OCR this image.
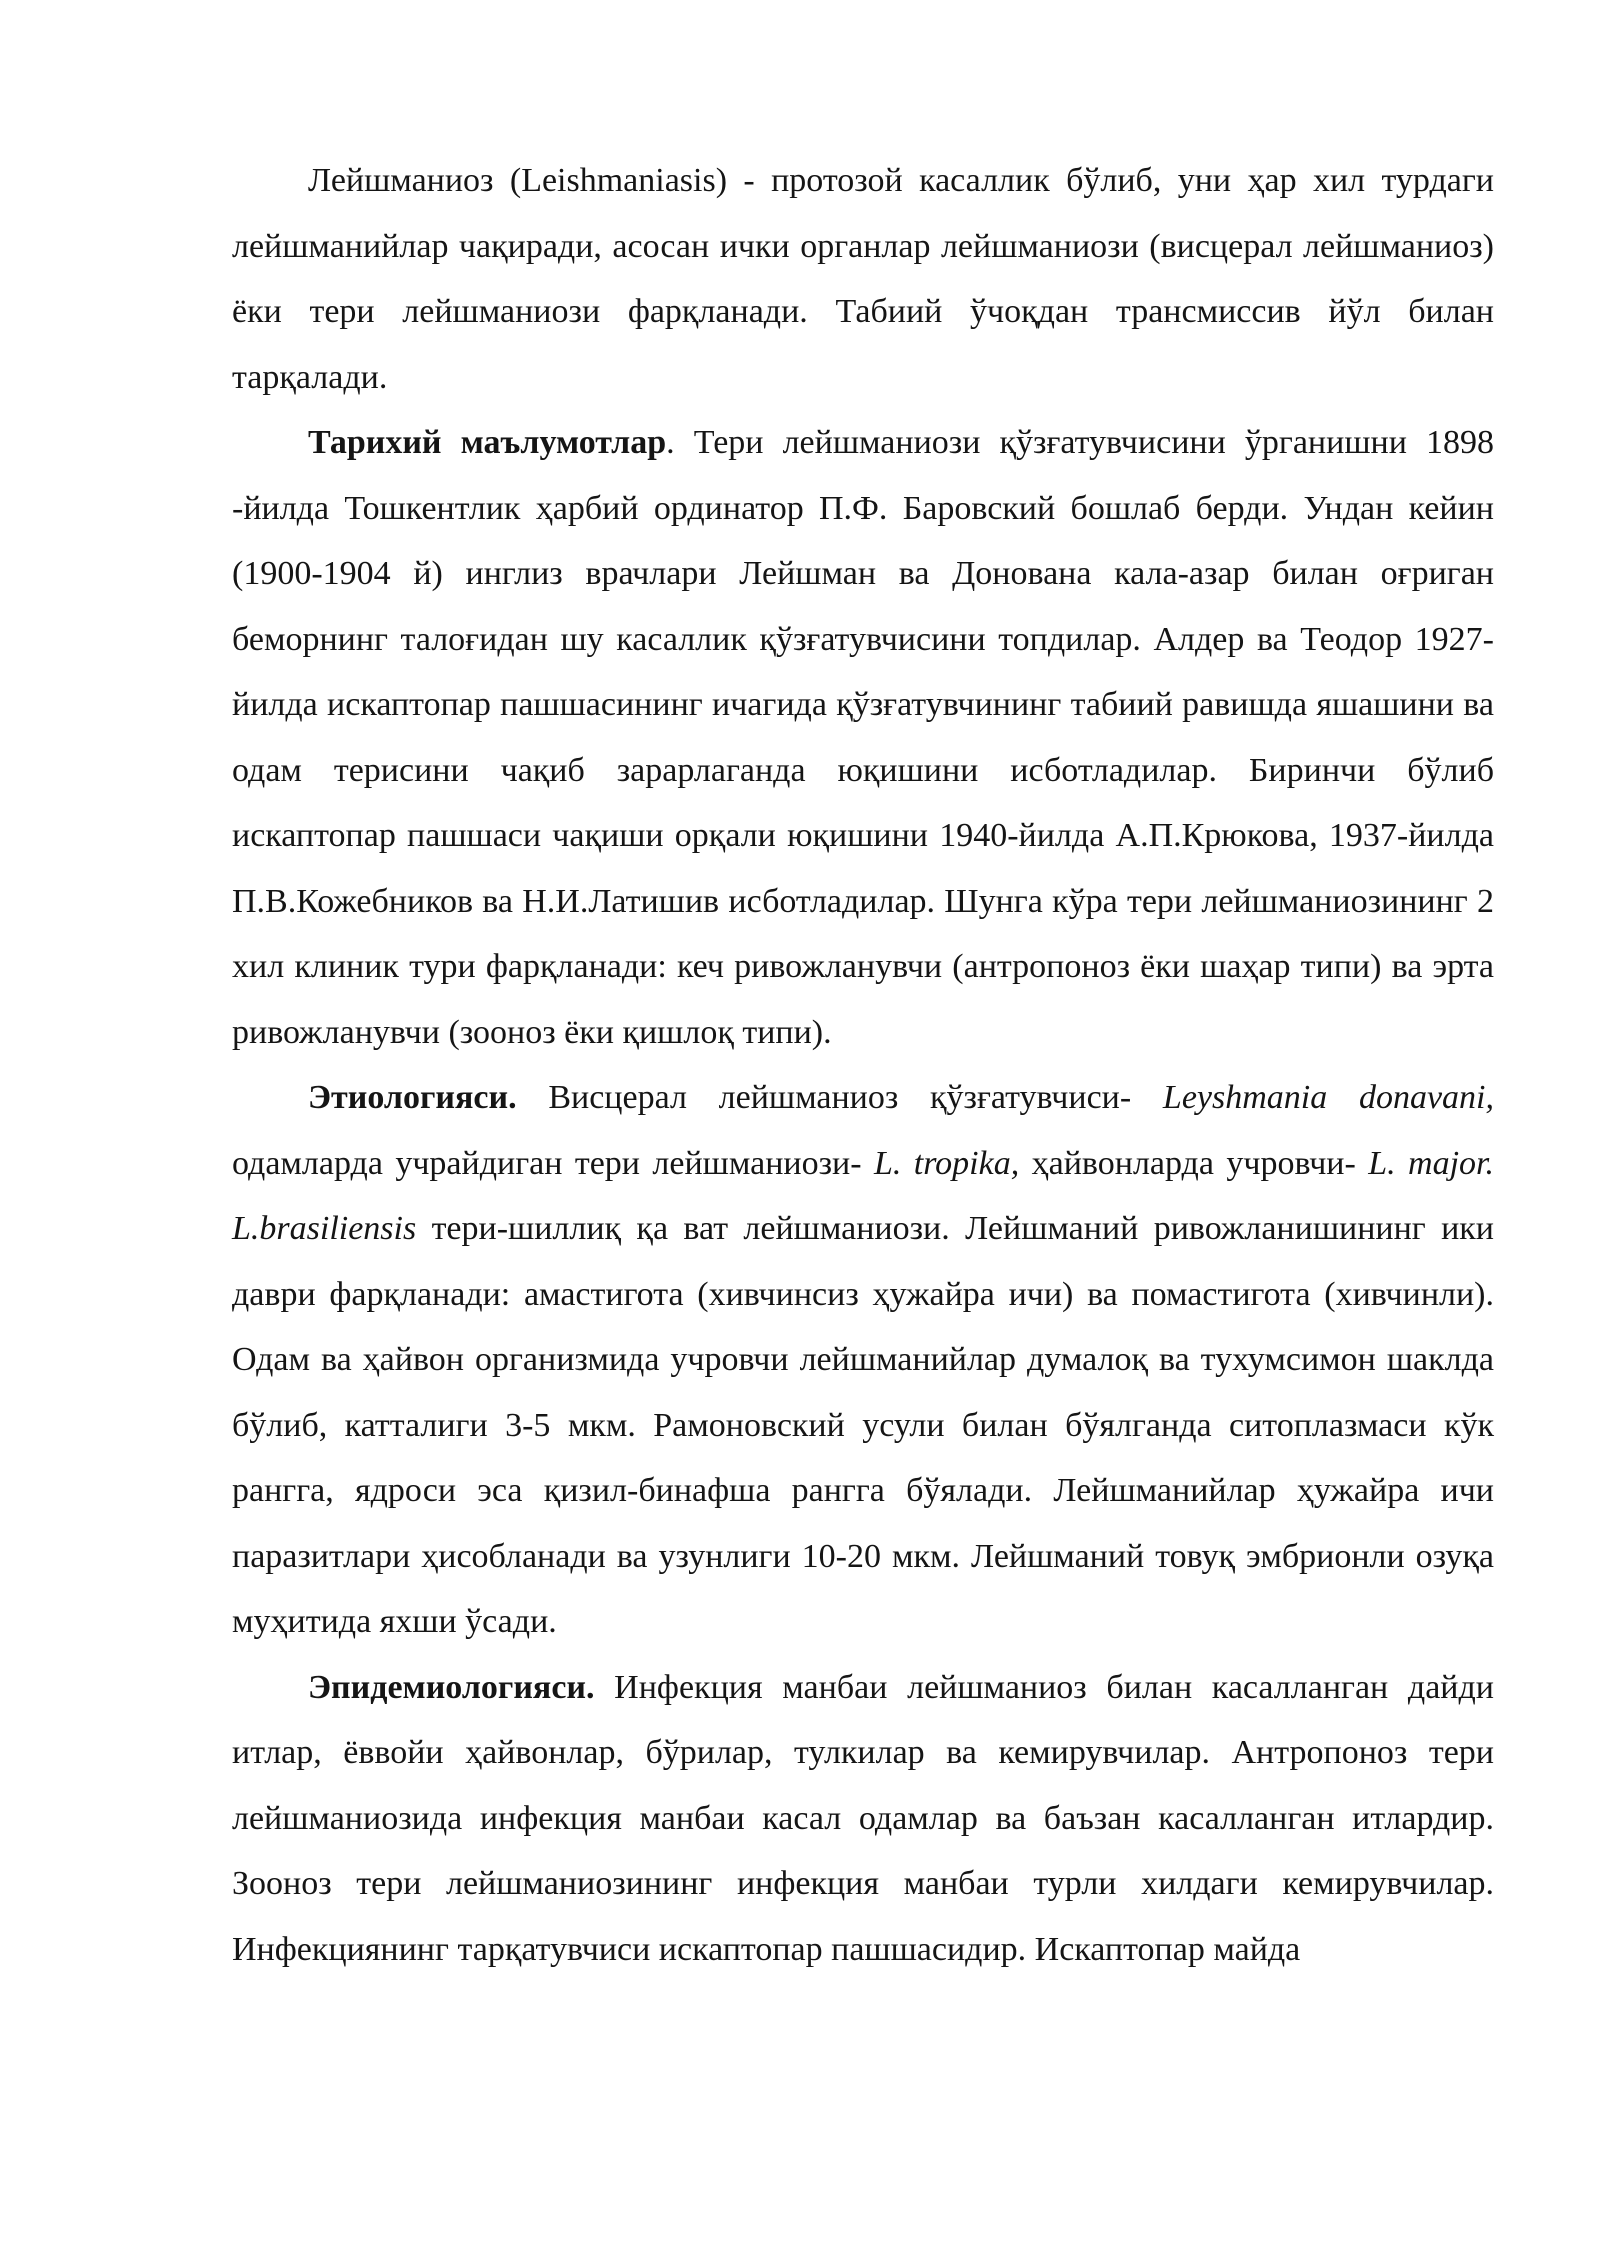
Лейшманиоз (Leishmaniasis) - протозой касаллик бўлиб, уни ҳар хил турдаги лейшманийлар чақиради, асосан ички органлар лейшманиози (висцерал лейшманиоз) ёки тери лейшманиози фарқланади. Табиий ўчоқдан трансмиссив йўл билан тарқалади.

Тарихий маълумотлар. Тери лейшманиози қўзғатувчисини ўрганишни 1898 -йилда Тошкентлик ҳарбий ординатор П.Ф. Баровский бошлаб берди. Ундан кейин (1900-1904 й) инглиз врачлари Лейшман ва Донована кала-азар билан оғриган беморнинг талоғидан шу касаллик қўзғатувчисини топдилар. Алдер ва Теодор 1927-йилда искаптопар пашшасининг ичагида қўзғатувчининг табиий равишда яшашини ва одам терисини чақиб зарарлаганда юқишини исботладилар. Биринчи бўлиб искаптопар пашшаси чақиши орқали юқишини 1940-йилда А.П.Крюкова, 1937-йилда П.В.Кожебников ва Н.И.Латишив исботладилар. Шунга кўра тери лейшманиозининг 2 хил клиник тури фарқланади: кеч ривожланувчи (антропоноз ёки шаҳар типи) ва эрта ривожланувчи (зооноз ёки қишлоқ типи).

Этиологияси. Висцерал лейшманиоз қўзғатувчиси- Leyshmania donavani, одамларда учрайдиган тери лейшманиози- L. tropika, ҳайвонларда учровчи- L. major. L.brasiliensis тери-шиллиқ қа ват лейшманиози. Лейшманий ривожланишининг ики даври фарқланади: амастигота (хивчинсиз ҳужайра ичи) ва помастигота (хивчинли). Одам ва ҳайвон организмида учровчи лейшманийлар думалоқ ва тухумсимон шаклда бўлиб, катталиги 3-5 мкм. Рамоновский усули билан бўялганда ситоплазмаси кўк рангга, ядроси эса қизил-бинафша рангга бўялади. Лейшманийлар ҳужайра ичи паразитлари ҳисобланади ва узунлиги 10-20 мкм. Лейшманий товуқ эмбрионли озуқа муҳитида яхши ўсади.

Эпидемиологияси. Инфекция манбаи лейшманиоз билан касалланган дайди итлар, ёввойи ҳайвонлар, бўрилар, тулкилар ва кемирувчилар. Антропоноз тери лейшманиозида инфекция манбаи касал одамлар ва баъзан касалланган итлардир. Зооноз тери лейшманиозининг инфекция манбаи турли хилдаги кемирувчилар. Инфекциянинг тарқатувчиси искаптопар пашшасидир. Искаптопар майда
